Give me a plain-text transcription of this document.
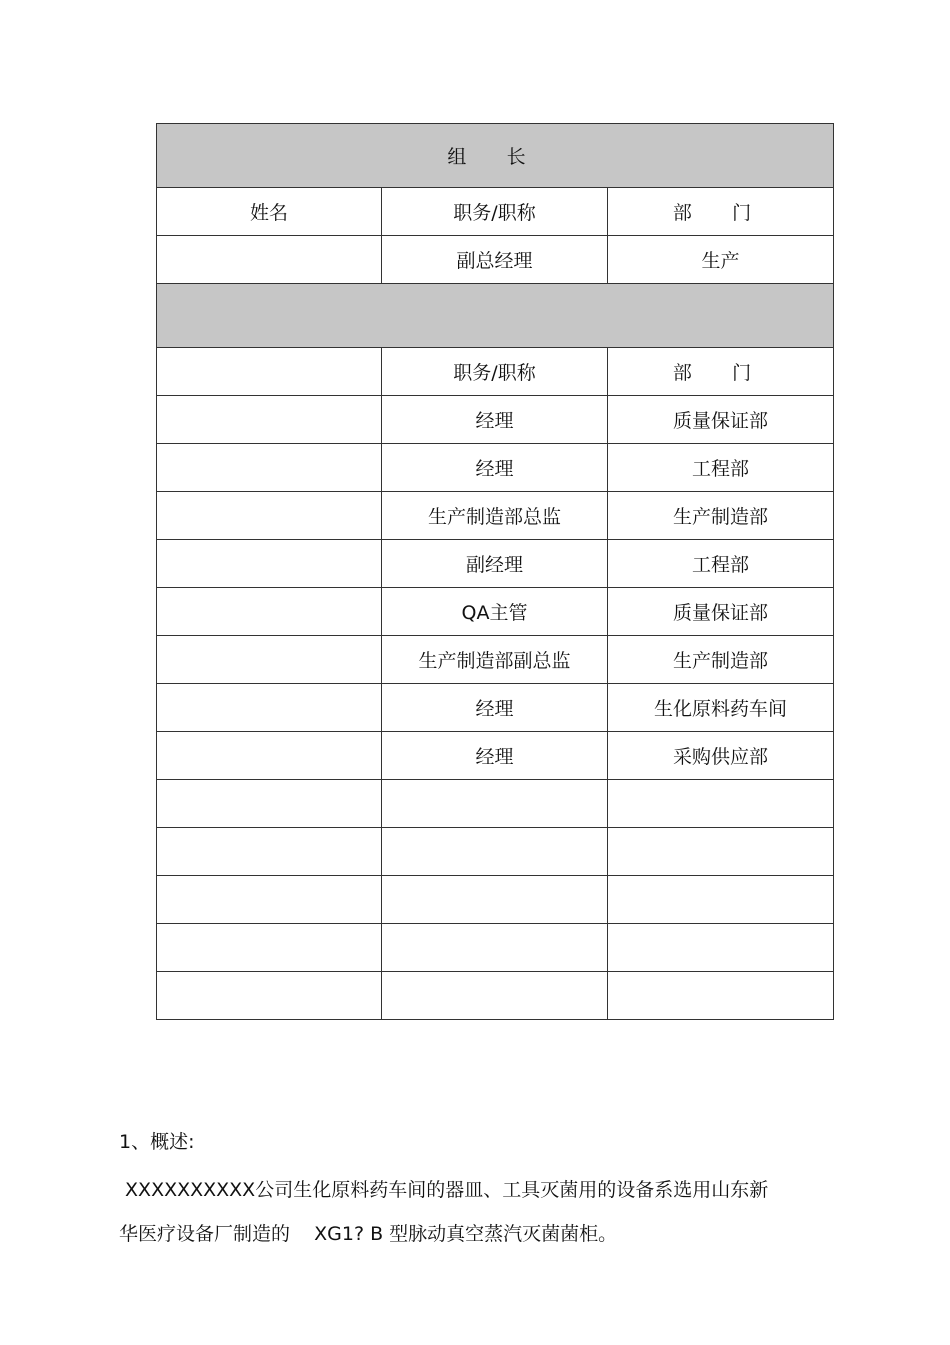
组 长		
姓名	职务/职称	部 门
	副总经理	生产

	职务/职称	部 门
	经理	质量保证部
	经理	工程部
	生产制造部总监	生产制造部
	副经理	工程部
	QA主管	质量保证部
	生产制造部副总监	生产制造部
	经理	生化原料药车间
	经理	采购供应部

1、概述:
XXXXXXXXXX公司生化原料药车间的器皿、工具灭菌用的设备系选用山东新
华医疗设备厂制造的    XG1? B 型脉动真空蒸汽灭菌菌柜。
